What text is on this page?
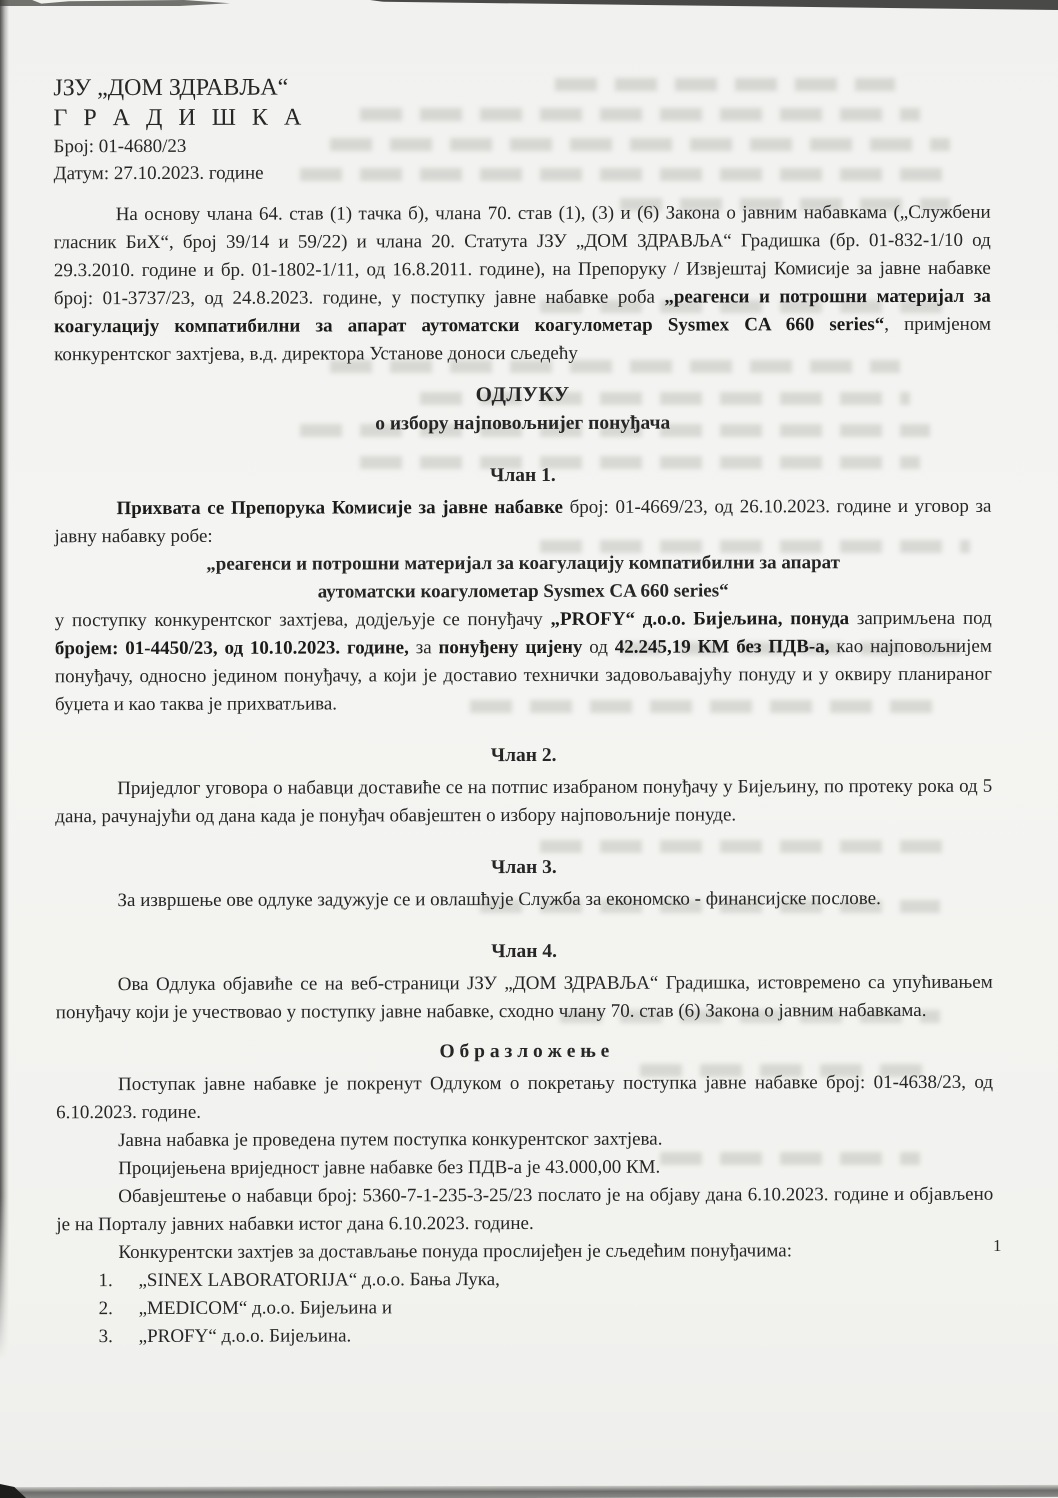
ЈЗУ „ДОМ ЗДРАВЉА“
Г Р А Д И Ш К А
Број: 01-4680/23
Датум: 27.10.2023. године

На основу члана 64. став (1) тачка б), члана 70. став (1), (3) и (6) Закона о јавним набавкама („Службени гласник БиХ“, број 39/14 и 59/22) и члана 20. Статута ЈЗУ „ДОМ ЗДРАВЉА“ Градишка (бр. 01-832-1/10 од 29.3.2010. године и бр. 01-1802-1/11, од 16.8.2011. године), на Препоруку / Извјештај Комисије за јавне набавке број: 01-3737/23, од 24.8.2023. године, у поступку јавне набавке роба „реагенси и потрошни материјал за коагулацију компатибилни за апарат аутоматски коагулометар Sysmex CA 660 series“, примјеном конкурентског захтјева, в.д. директора Установе доноси сљедећу

ОДЛУКУ
о избору најповољнијег понуђача

Члан 1.

Прихвата се Препорука Комисије за јавне набавке број: 01-4669/23, од 26.10.2023. године и уговор за јавну набавку робе:

„реагенси и потрошни материјал за коагулацију компатибилни за апарат

аутоматски коагулометар Sysmex CA 660 series“

у поступку конкурентског захтјева, додјељује се понуђачу „PROFY“ д.о.о. Бијељина, понуда запримљена под бројем: 01-4450/23, од 10.10.2023. године, за понуђену цијену од 42.245,19 КМ без ПДВ-а, као најповољнијем понуђачу, односно једином понуђачу, а који је доставио технички задовољавајућу понуду и у оквиру планираног буџета и као таква је прихватљива.

Члан 2.

Приједлог уговора о набавци доставиће се на потпис изабраном понуђачу у Бијељину, по протеку рока од 5 дана, рачунајући од дана када је понуђач обавјештен о избору најповољније понуде.

Члан 3.

За извршење ове одлуке задужује се и овлашћује Служба за економско - финансијске послове.

Члан 4.

Ова Одлука објавиће се на веб-страници ЈЗУ „ДОМ ЗДРАВЉА“ Градишка, истовремено са упућивањем понуђачу који је учествовао у поступку јавне набавке, сходно члану 70. став (6) Закона о јавним набавкама.

О б р а з л о ж е њ е

Поступак јавне набавке је покренут Одлуком о покретању поступка јавне набавке број: 01-4638/23, од 6.10.2023. године.

Јавна набавка је проведена путем поступка конкурентског захтјева.

Процијењена вриједност јавне набавке без ПДВ-а је 43.000,00 КМ.

Обавјештење о набавци број: 5360-7-1-235-3-25/23 послато је на објаву дана 6.10.2023. године и објављено је на Порталу јавних набавки истог дана 6.10.2023. године.

Конкурентски захтјев за достављање понуда прослијеђен је сљедећим понуђачима:

1.	„SINEX LABORATORIJA“ д.о.о. Бања Лука,
2.	„MEDICOM“ д.о.о. Бијељина и
3.	„PROFY“ д.о.о. Бијељина.
1
